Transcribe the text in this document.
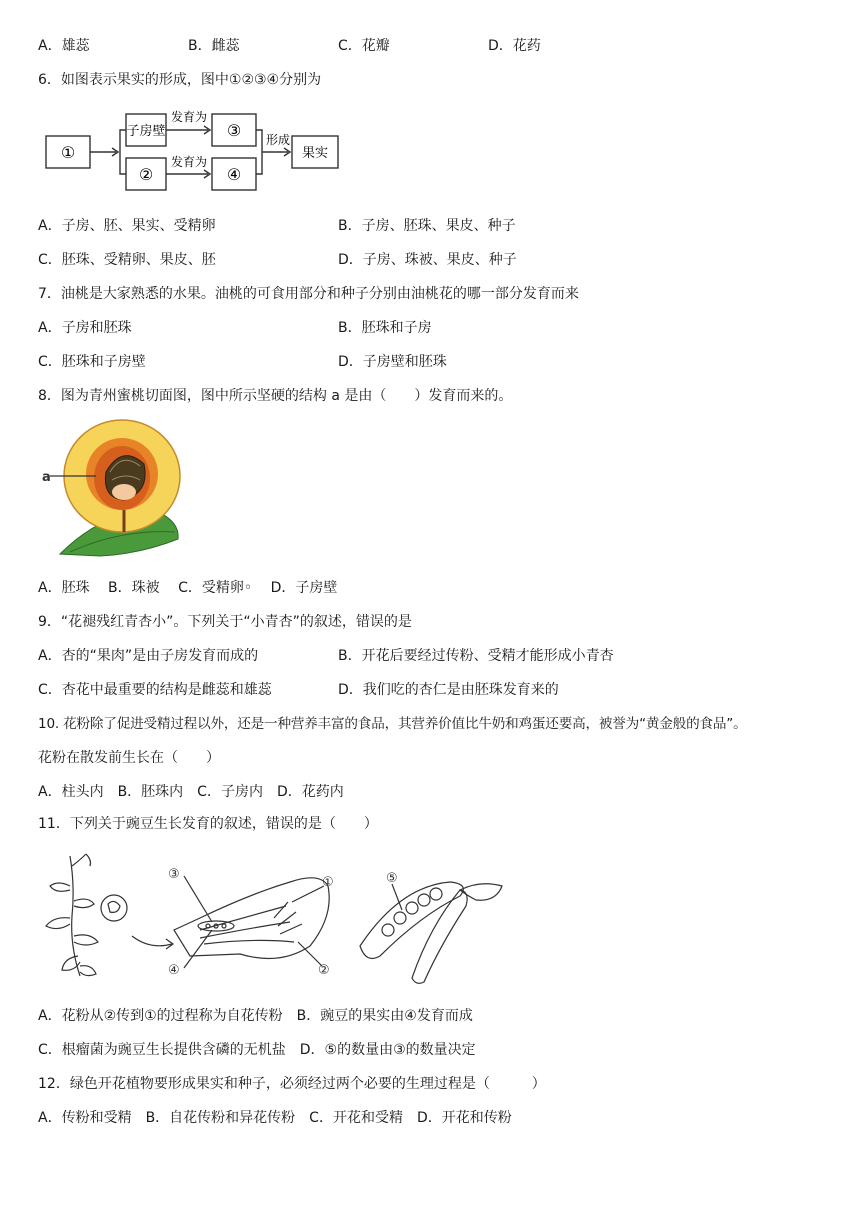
A．雄蕊	B．雌蕊	C．花瓣	D．花药
6．如图表示果实的形成，图中①②③④分别为
①
子房壁
②
发育为
发育为
③
④
形成
果实
A．子房、胚、果实、受精卵	B．子房、胚珠、果皮、种子
C．胚珠、受精卵、果皮、胚	D．子房、珠被、果皮、种子
7．油桃是大家熟悉的水果。油桃的可食用部分和种子分别由油桃花的哪一部分发育而来
A．子房和胚珠	B．胚珠和子房
C．胚珠和子房壁	D．子房壁和胚珠
8．图为青州蜜桃切面图，图中所示坚硬的结构 a 是由（　　）发育而来的。
a
A．胚珠　 B．珠被　 C．受精卵◦　 D．子房壁
9．“花褪残红青杏小”。下列关于“小青杏”的叙述，错误的是
A．杏的“果肉”是由子房发育而成的	B．开花后要经过传粉、受精才能形成小青杏
C．杏花中最重要的结构是雌蕊和雄蕊	D．我们吃的杏仁是由胚珠发育来的
10. 花粉除了促进受精过程以外，还是一种营养丰富的食品，其营养价值比牛奶和鸡蛋还要高，被誉为“黄金般的食品”。
花粉在散发前生长在（　　）
A．柱头内　B．胚珠内　C．子房内　D．花药内
11．下列关于豌豆生长发育的叙述，错误的是（　　）
③
④
①
②
⑤
A．花粉从②传到①的过程称为自花传粉　B．豌豆的果实由④发育而成
C．根瘤菌为豌豆生长提供含磷的无机盐　D．⑤的数量由③的数量决定
12．绿色开花植物要形成果实和种子，必须经过两个必要的生理过程是（　　　）
A．传粉和受精　B．自花传粉和异花传粉　C．开花和受精　D．开花和传粉
